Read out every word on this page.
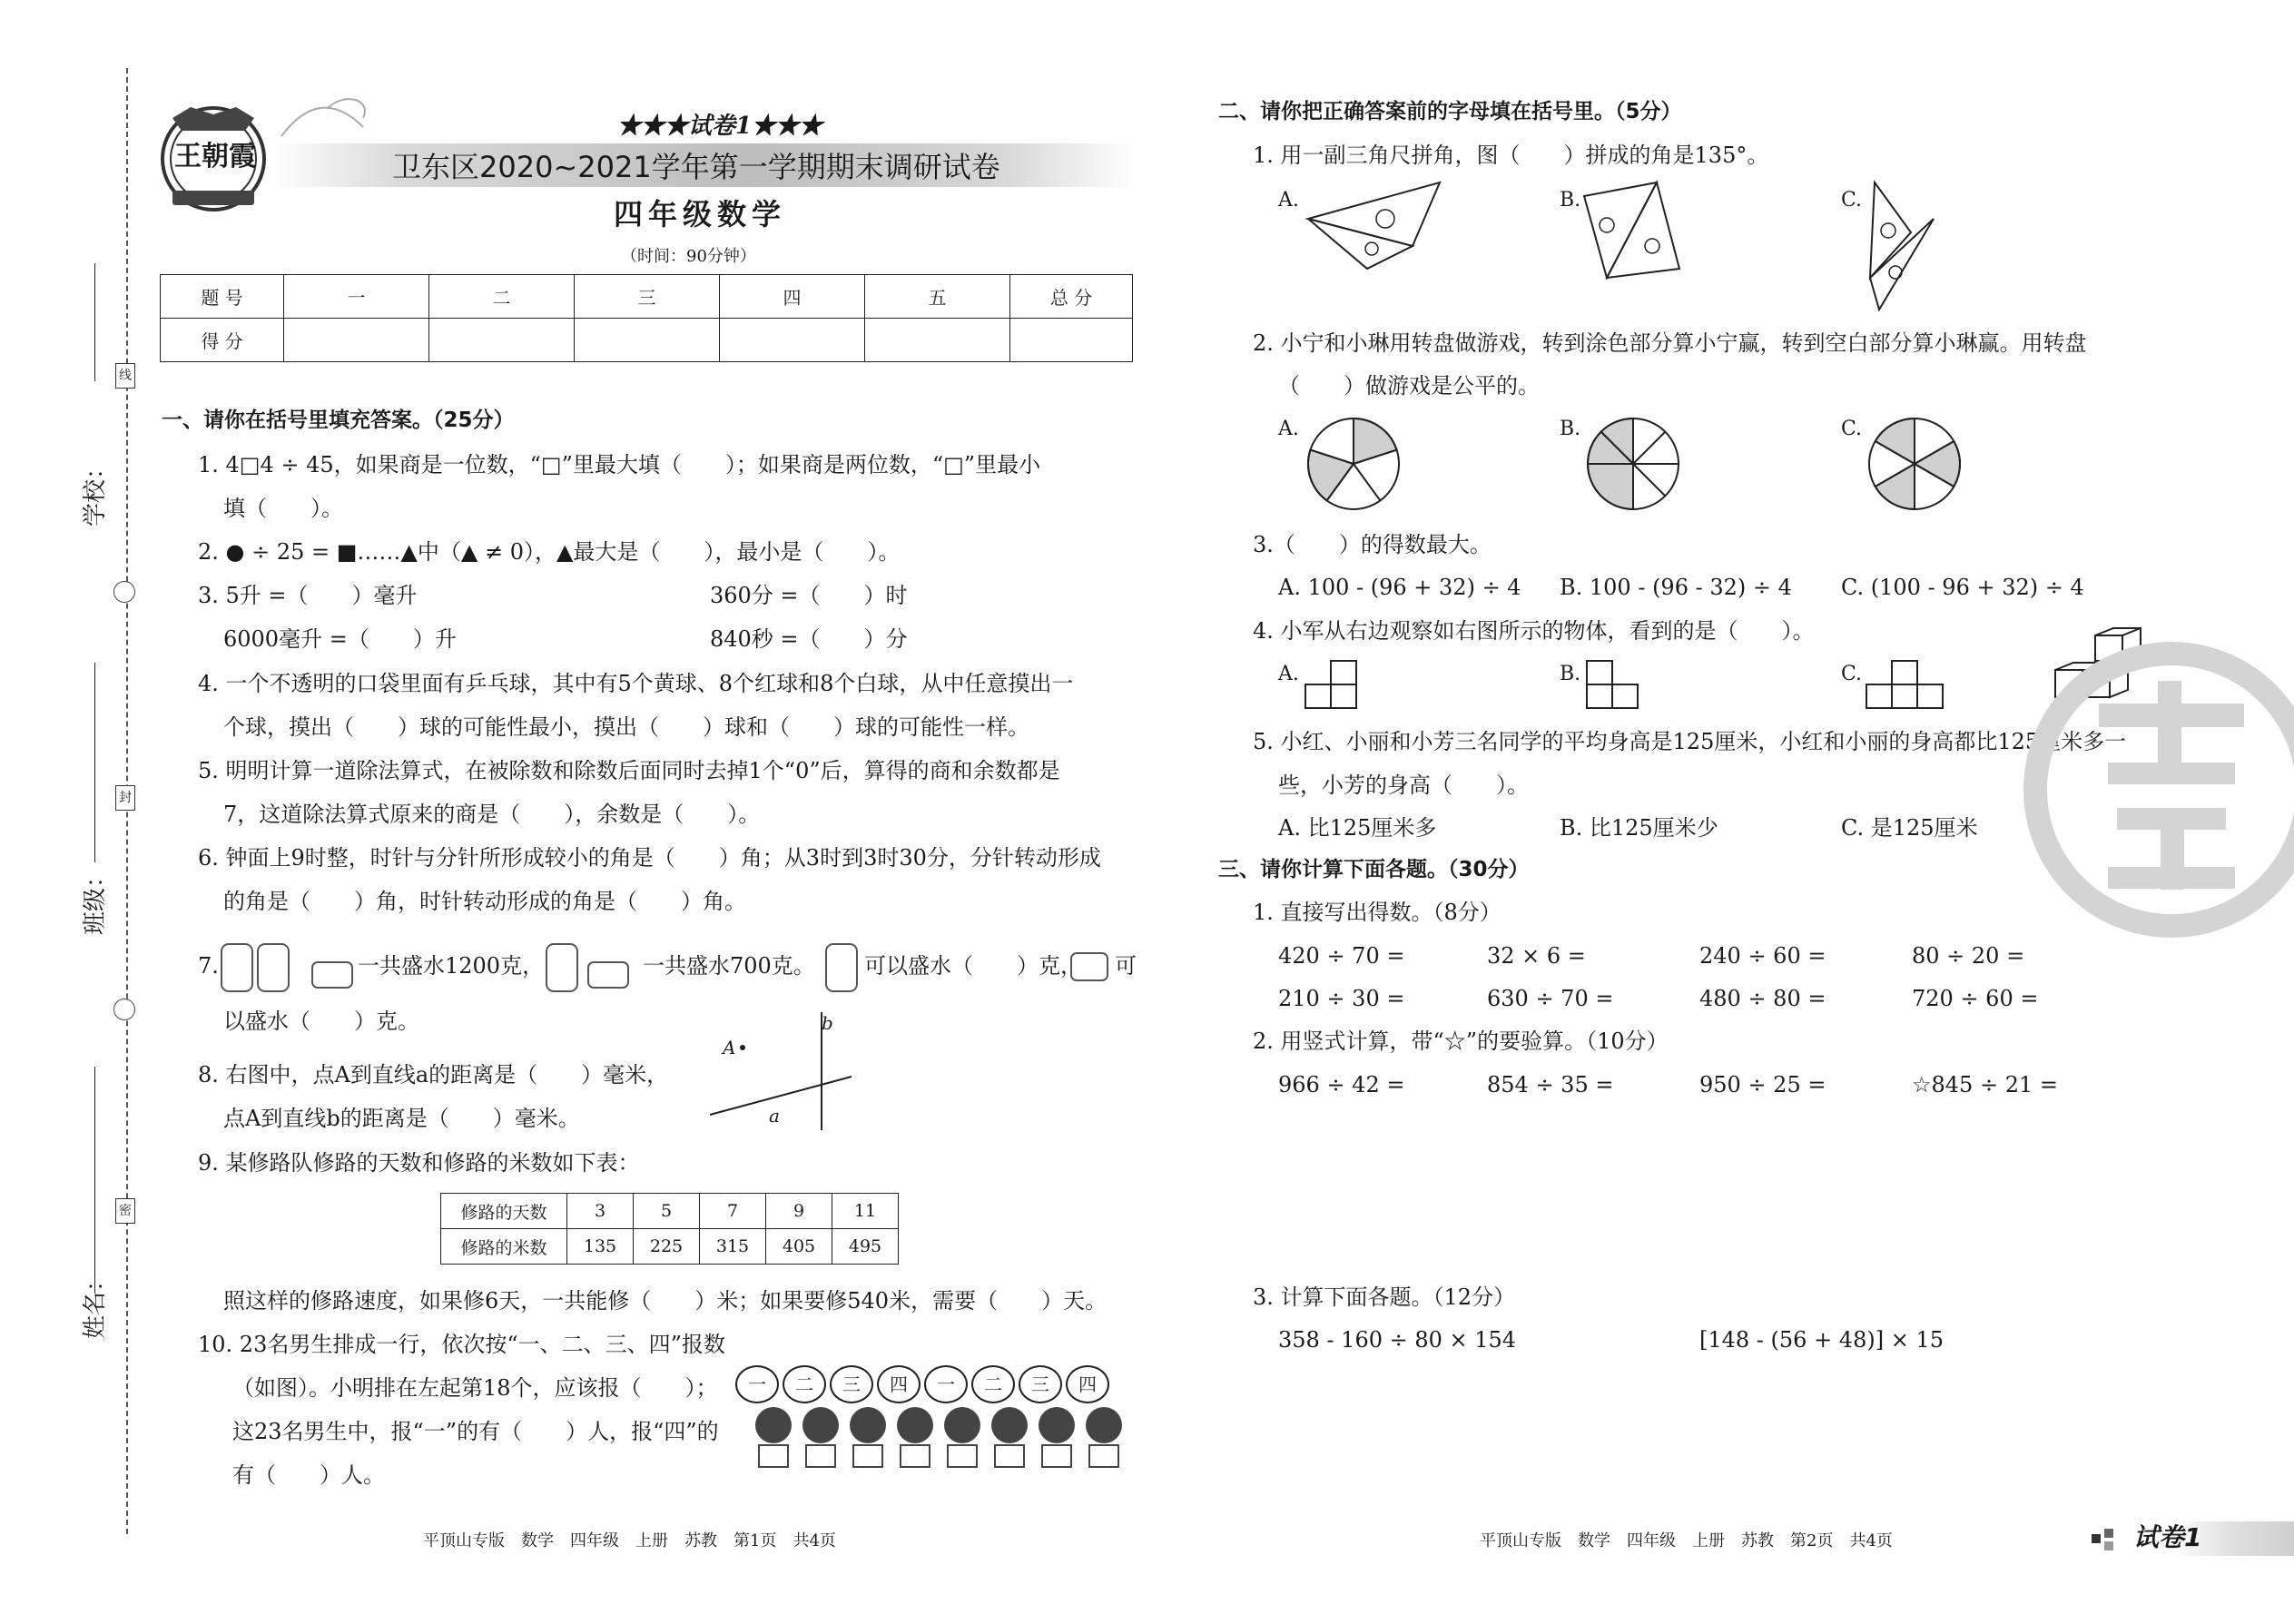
学校：
班级：
姓名：
线
封
密
王朝霞
★★★试卷1★★★
卫东区2020~2021学年第一学期期末调研试卷
四年级数学
（时间：90分钟）
题 号	一	二	三	四	五	总 分
得 分						
一、请你在括号里填充答案。（25分）
1. 4□4 ÷ 45，如果商是一位数，“□”里最大填（　　）；如果商是两位数，“□”里最小
填（　　）。
2. ● ÷ 25 = ■……▲中（▲ ≠ 0），▲最大是（　　），最小是（　　）。
3. 5升 =（　　）毫升	360分 =（　　）时
6000毫升 =（　　）升	840秒 =（　　）分
4. 一个不透明的口袋里面有乒乓球，其中有5个黄球、8个红球和8个白球，从中任意摸出一
个球，摸出（　　）球的可能性最小，摸出（　　）球和（　　）球的可能性一样。
5. 明明计算一道除法算式，在被除数和除数后面同时去掉1个“0”后，算得的商和余数都是
7，这道除法算式原来的商是（　　），余数是（　　）。
6. 钟面上9时整，时针与分针所形成较小的角是（　　）角；从3时到3时30分，分针转动形成
的角是（　　）角，时针转动形成的角是（　　）角。
7.	一共盛水1200克，	一共盛水700克。 可以盛水（　　）克， 可
以盛水（　　）克。
8. 右图中，点A到直线a的距离是（　　）毫米，
点A到直线b的距离是（　　）毫米。
A
a
b
9. 某修路队修路的天数和修路的米数如下表：
修路的天数	3	5	7	9	11
修路的米数	135	225	315	405	495
照这样的修路速度，如果修6天，一共能修（　　）米；如果要修540米，需要（　　）天。
10. 23名男生排成一行，依次按“一、二、三、四”报数
（如图）。小明排在左起第18个，应该报（　　）；
这23名男生中，报“一”的有（　　）人，报“四”的
有（　　）人。
一	二	三	四	一	二	三	四
二、请你把正确答案前的字母填在括号里。（5分）
1. 用一副三角尺拼角，图（　　）拼成的角是135°。
A.	B.	C.
2. 小宁和小琳用转盘做游戏，转到涂色部分算小宁赢，转到空白部分算小琳赢。用转盘
（　　）做游戏是公平的。
A.	B.	C.
3.（　　）的得数最大。
A. 100 - (96 + 32) ÷ 4 B. 100 - (96 - 32) ÷ 4 C. (100 - 96 + 32) ÷ 4
4. 小军从右边观察如右图所示的物体，看到的是（　　）。
A.	B.	C.
5. 小红、小丽和小芳三名同学的平均身高是125厘米，小红和小丽的身高都比125厘米多一
些，小芳的身高（　　）。
A. 比125厘米多	B. 比125厘米少	C. 是125厘米
三、请你计算下面各题。（30分）
1. 直接写出得数。（8分）
420 ÷ 70 =	32 × 6 =	240 ÷ 60 =	80 ÷ 20 =
210 ÷ 30 =	630 ÷ 70 =	480 ÷ 80 =	720 ÷ 60 =
2. 用竖式计算，带“☆”的要验算。（10分）
966 ÷ 42 =	854 ÷ 35 =	950 ÷ 25 =	☆845 ÷ 21 =
3. 计算下面各题。（12分）
358 - 160 ÷ 80 × 154	[148 - (56 + 48)] × 15
平顶山专版　数学　四年级　上册　苏教　第1页　共4页	平顶山专版　数学　四年级　上册　苏教　第2页　共4页	试卷1
